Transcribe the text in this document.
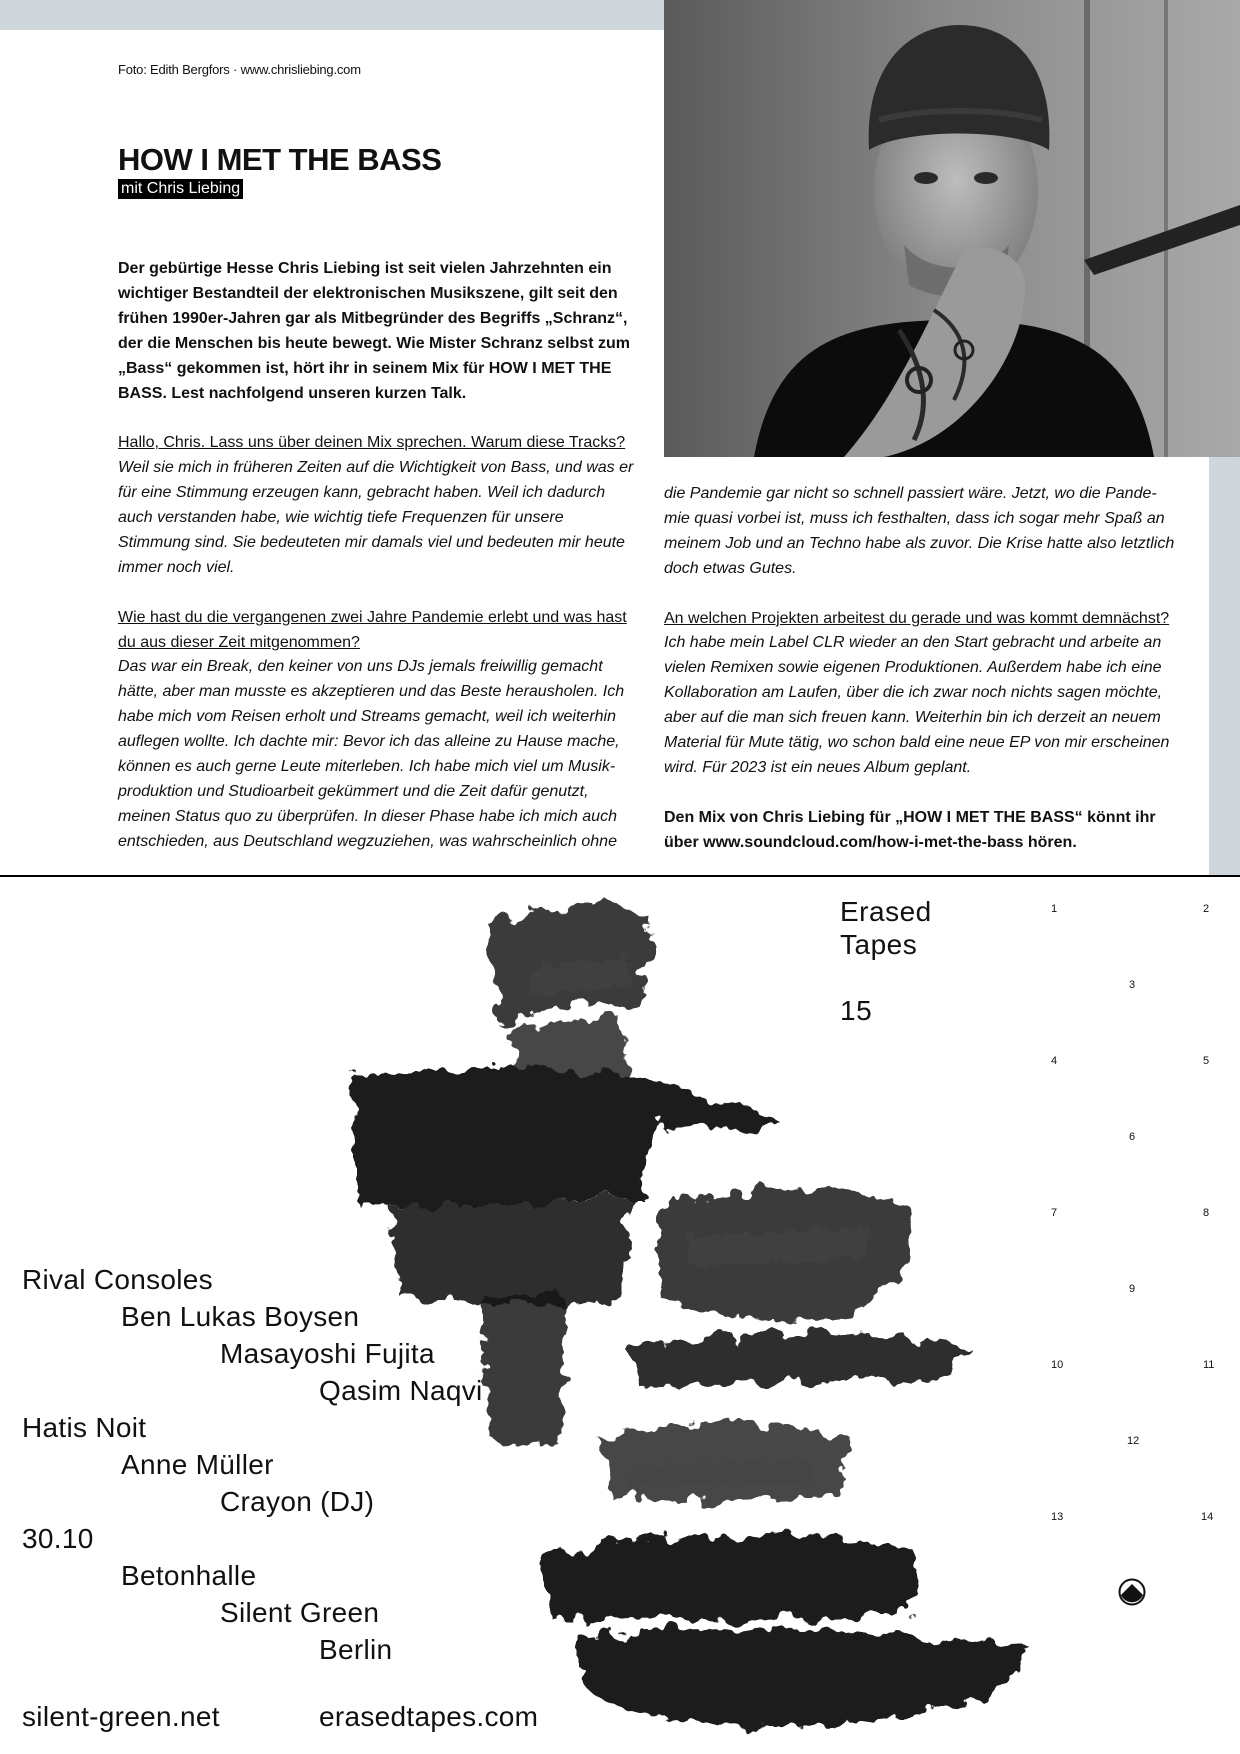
Foto: Edith Bergfors · www.chrisliebing.com
HOW I MET THE BASS
mit Chris Liebing

Der gebürtige Hesse Chris Liebing ist seit vielen Jahrzehnten ein wichtiger Bestandteil der elektronischen Musikszene, gilt seit den frühen 1990er-Jahren gar als Mitbegründer des Begriffs „Schranz“, der die Menschen bis heute bewegt. Wie Mister Schranz selbst zum „Bass“ gekommen ist, hört ihr in seinem Mix für HOW I MET THE BASS. Lest nachfolgend unseren kurzen Talk.

Hallo, Chris. Lass uns über deinen Mix sprechen. Warum diese Tracks?
Weil sie mich in früheren Zeiten auf die Wichtigkeit von Bass, und was er für eine Stimmung erzeugen kann, gebracht haben. Weil ich dadurch auch verstanden habe, wie wichtig tiefe Frequenzen für unsere Stimmung sind. Sie bedeuteten mir damals viel und bedeuten mir heute immer noch viel.

Wie hast du die vergangenen zwei Jahre Pandemie erlebt und was hast du aus dieser Zeit mitgenommen?
Das war ein Break, den keiner von uns DJs jemals freiwillig gemacht hätte, aber man musste es akzeptieren und das Beste herausholen. Ich habe mich vom Reisen erholt und Streams gemacht, weil ich weiterhin auflegen wollte. Ich dachte mir: Bevor ich das alleine zu Hause mache, können es auch gerne Leute miterleben. Ich habe mich viel um Musik- produktion und Studioarbeit gekümmert und die Zeit dafür genutzt, meinen Status quo zu überprüfen. In dieser Phase habe ich mich auch entschieden, aus Deutschland wegzuziehen, was wahrscheinlich ohne

die Pandemie gar nicht so schnell passiert wäre. Jetzt, wo die Pande- mie quasi vorbei ist, muss ich festhalten, dass ich sogar mehr Spaß an meinem Job und an Techno habe als zuvor. Die Krise hatte also letztlich doch etwas Gutes.

An welchen Projekten arbeitest du gerade und was kommt demnächst?
Ich habe mein Label CLR wieder an den Start gebracht und arbeite an vielen Remixen sowie eigenen Produktionen. Außerdem habe ich eine Kollaboration am Laufen, über die ich zwar noch nichts sagen möchte, aber auf die man sich freuen kann. Weiterhin bin ich derzeit an neuem Material für Mute tätig, wo schon bald eine neue EP von mir erscheinen wird. Für 2023 ist ein neues Album geplant.

Den Mix von Chris Liebing für „HOW I MET THE BASS“ könnt ihr über www.soundcloud.com/how-i-met-the-bass hören.

Erased
Tapes
15
1	2
3
4	5
6
7	8
9
10	11
12
13	14
Rival Consoles
Ben Lukas Boysen
Masayoshi Fujita
Qasim Naqvi
Hatis Noit
Anne Müller
Crayon (DJ)
30.10
Betonhalle
Silent Green
Berlin
silent-green.net	erasedtapes.com
